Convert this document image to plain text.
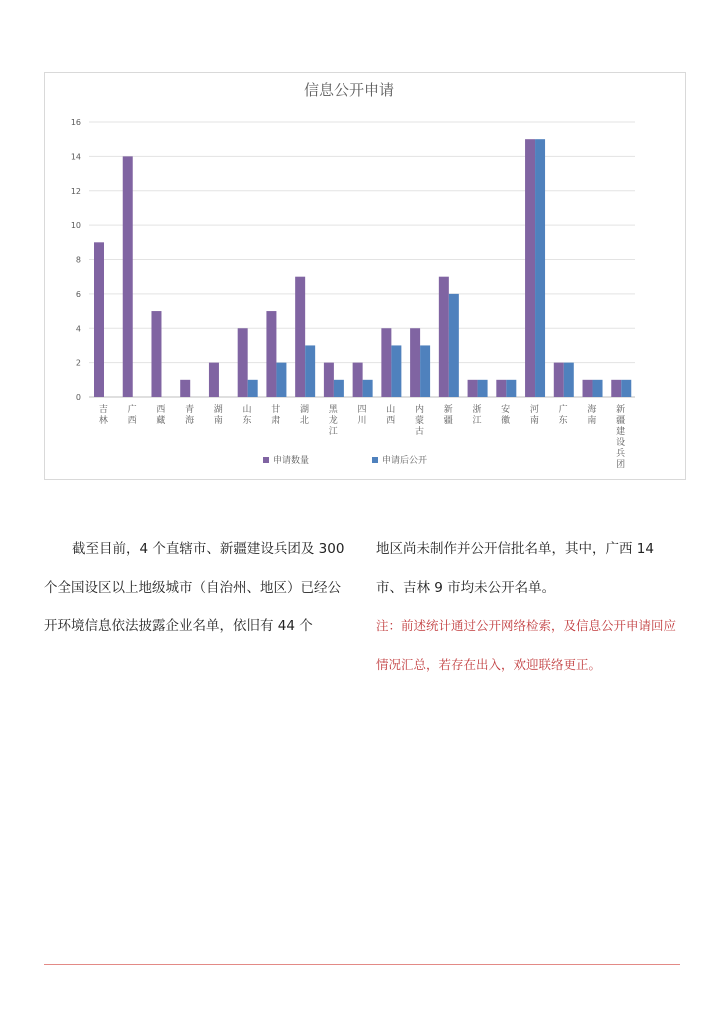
信息公开申请
0
2
4
6
8
10
12
14
16
吉
林
广
西
西
藏
青
海
湖
南
山
东
甘
肃
湖
北
黑
龙
江
四
川
山
西
内
蒙
古
新
疆
浙
江
安
徽
河
南
广
东
海
南
新
疆
建
设
兵
团
申请数量	申请后公开

截至目前，4 个直辖市、新疆建设兵团及 300 个全国设区以上地级城市（自治州、地区）已经公开环境信息依法披露企业名单，依旧有 44 个

地区尚未制作并公开信批名单，其中，广西 14 市、吉林 9 市均未公开名单。

注：前述统计通过公开网络检索，及信息公开申请回应情况汇总，若存在出入，欢迎联络更正。
